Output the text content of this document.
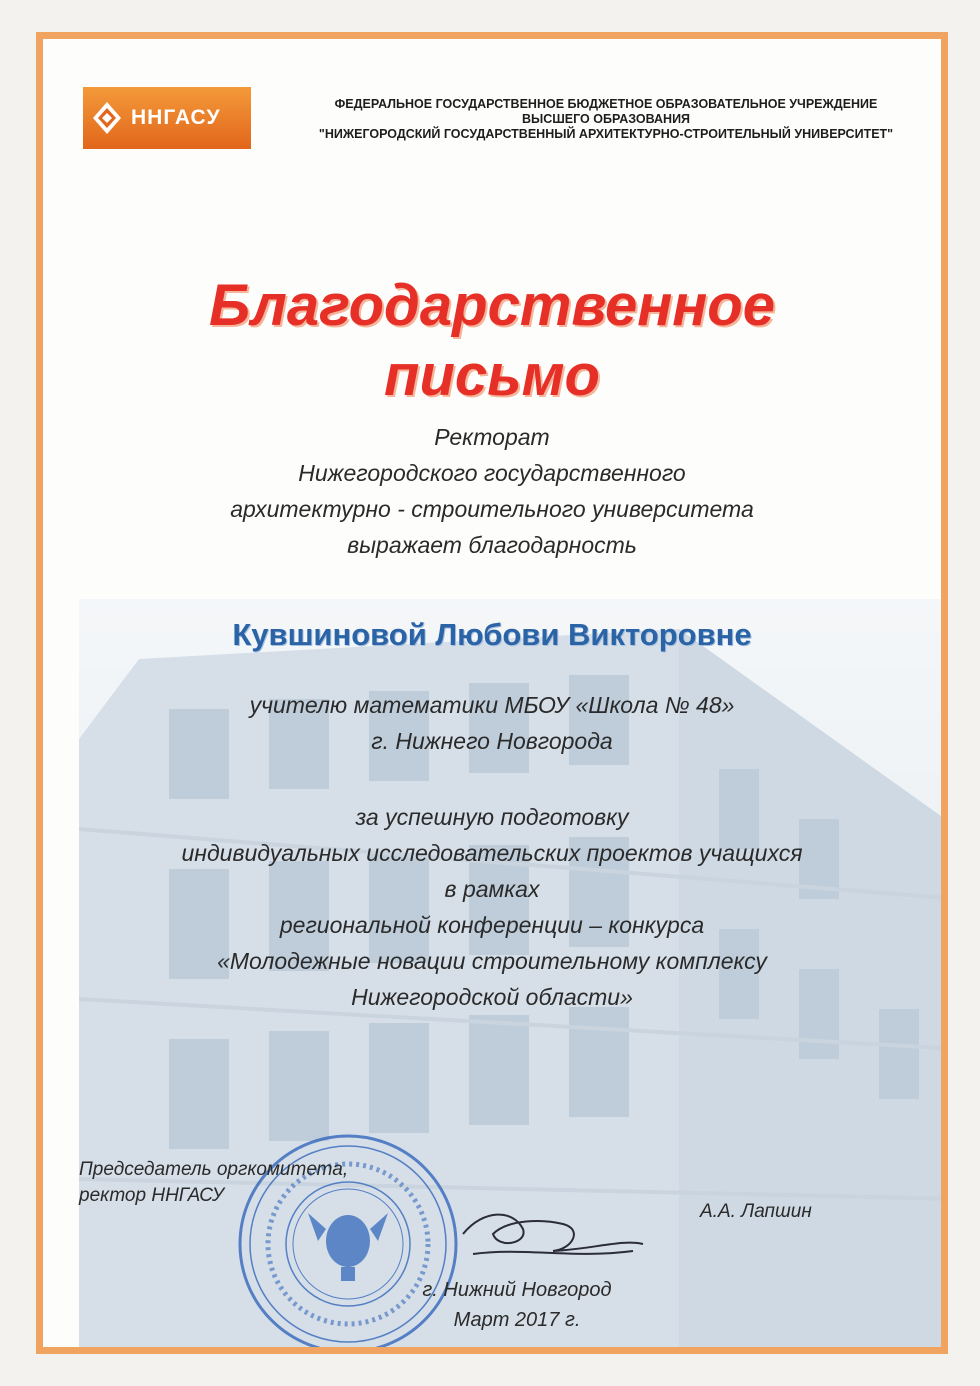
ННГАСУ
ФЕДЕРАЛЬНОЕ ГОСУДАРСТВЕННОЕ БЮДЖЕТНОЕ ОБРАЗОВАТЕЛЬНОЕ УЧРЕЖДЕНИЕ
ВЫСШЕГО ОБРАЗОВАНИЯ
"НИЖЕГОРОДСКИЙ ГОСУДАРСТВЕННЫЙ АРХИТЕКТУРНО-СТРОИТЕЛЬНЫЙ УНИВЕРСИТЕТ"
Благодарственное
письмо
Ректорат
Нижегородского государственного
архитектурно - строительного университета
выражает благодарность
Кувшиновой Любови Викторовне
учителю математики МБОУ «Школа № 48»
г. Нижнего Новгорода
за успешную подготовку
индивидуальных исследовательских проектов учащихся
в рамках
региональной конференции – конкурса
«Молодежные новации строительному комплексу
Нижегородской области»
Председатель оргкомитета,
ректор ННГАСУ
А.А. Лапшин
г. Нижний Новгород
Март 2017 г.
